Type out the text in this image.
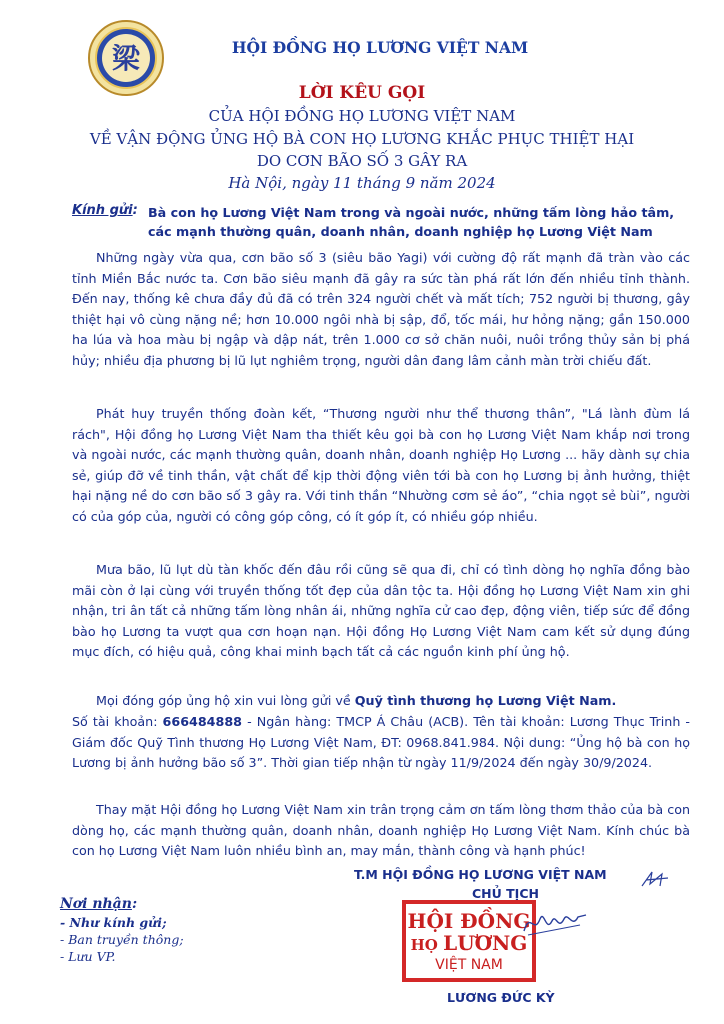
梁	HỘI ĐỒNG HỌ LƯƠNG VIỆT NAM
LỜI KÊU GỌI
CỦA HỘI ĐỒNG HỌ LƯƠNG VIỆT NAM
VỀ VẬN ĐỘNG ỦNG HỘ BÀ CON HỌ LƯƠNG KHẮC PHỤC THIỆT HẠI
DO CƠN BÃO SỐ 3 GÂY RA
Hà Nội, ngày 11 tháng 9 năm 2024
Kính gửi: Bà con họ Lương Việt Nam trong và ngoài nước, những tấm lòng hảo tâm, các mạnh thường quân, doanh nhân, doanh nghiệp họ Lương Việt Nam

Những ngày vừa qua, cơn bão số 3 (siêu bão Yagi) với cường độ rất mạnh đã tràn vào các tỉnh Miền Bắc nước ta. Cơn bão siêu mạnh đã gây ra sức tàn phá rất lớn đến nhiều tỉnh thành. Đến nay, thống kê chưa đầy đủ đã có trên 324 người chết và mất tích; 752 người bị thương, gây thiệt hại vô cùng nặng nề; hơn 10.000 ngôi nhà bị sập, đổ, tốc mái, hư hỏng nặng; gần 150.000 ha lúa và hoa màu bị ngập và dập nát, trên 1.000 cơ sở chăn nuôi, nuôi trồng thủy sản bị phá hủy; nhiều địa phương bị lũ lụt nghiêm trọng, người dân đang lâm cảnh màn trời chiếu đất.

Phát huy truyền thống đoàn kết, “Thương người như thể thương thân”, "Lá lành đùm lá rách", Hội đồng họ Lương Việt Nam tha thiết kêu gọi bà con họ Lương Việt Nam khắp nơi trong và ngoài nước, các mạnh thường quân, doanh nhân, doanh nghiệp Họ Lương ... hãy dành sự chia sẻ, giúp đỡ về tinh thần, vật chất để kịp thời động viên tới bà con họ Lương bị ảnh hưởng, thiệt hại nặng nề do cơn bão số 3 gây ra. Với tinh thần “Nhường cơm sẻ áo”, “chia ngọt sẻ bùi”, người có của góp của, người có công góp công, có ít góp ít, có nhiều góp nhiều.

Mưa bão, lũ lụt dù tàn khốc đến đâu rồi cũng sẽ qua đi, chỉ có tình dòng họ nghĩa đồng bào mãi còn ở lại cùng với truyền thống tốt đẹp của dân tộc ta. Hội đồng họ Lương Việt Nam xin ghi nhận, tri ân tất cả những tấm lòng nhân ái, những nghĩa cử cao đẹp, động viên, tiếp sức để đồng bào họ Lương ta vượt qua cơn hoạn nạn. Hội đồng Họ Lương Việt Nam cam kết sử dụng đúng mục đích, có hiệu quả, công khai minh bạch tất cả các nguồn kinh phí ủng hộ.

Mọi đóng góp ủng hộ xin vui lòng gửi về Quỹ tình thương họ Lương Việt Nam.

Số tài khoản: 666484888 - Ngân hàng: TMCP Á Châu (ACB). Tên tài khoản: Lương Thục Trinh - Giám đốc Quỹ Tình thương Họ Lương Việt Nam, ĐT: 0968.841.984. Nội dung: “Ủng hộ bà con họ Lương bị ảnh hưởng bão số 3”. Thời gian tiếp nhận từ ngày 11/9/2024 đến ngày 30/9/2024.

Thay mặt Hội đồng họ Lương Việt Nam xin trân trọng cảm ơn tấm lòng thơm thảo của bà con dòng họ, các mạnh thường quân, doanh nhân, doanh nghiệp Họ Lương Việt Nam. Kính chúc bà con họ Lương Việt Nam luôn nhiều bình an, may mắn, thành công và hạnh phúc!

T.M HỘI ĐỒNG HỌ LƯƠNG VIỆT NAM
CHỦ TỊCH
HỘI ĐỒNG
HỌ LƯƠNG
VIỆT NAM
LƯƠNG ĐỨC KỲ
Nơi nhận:
- Như kính gửi;
- Ban truyền thông;
- Lưu VP.
